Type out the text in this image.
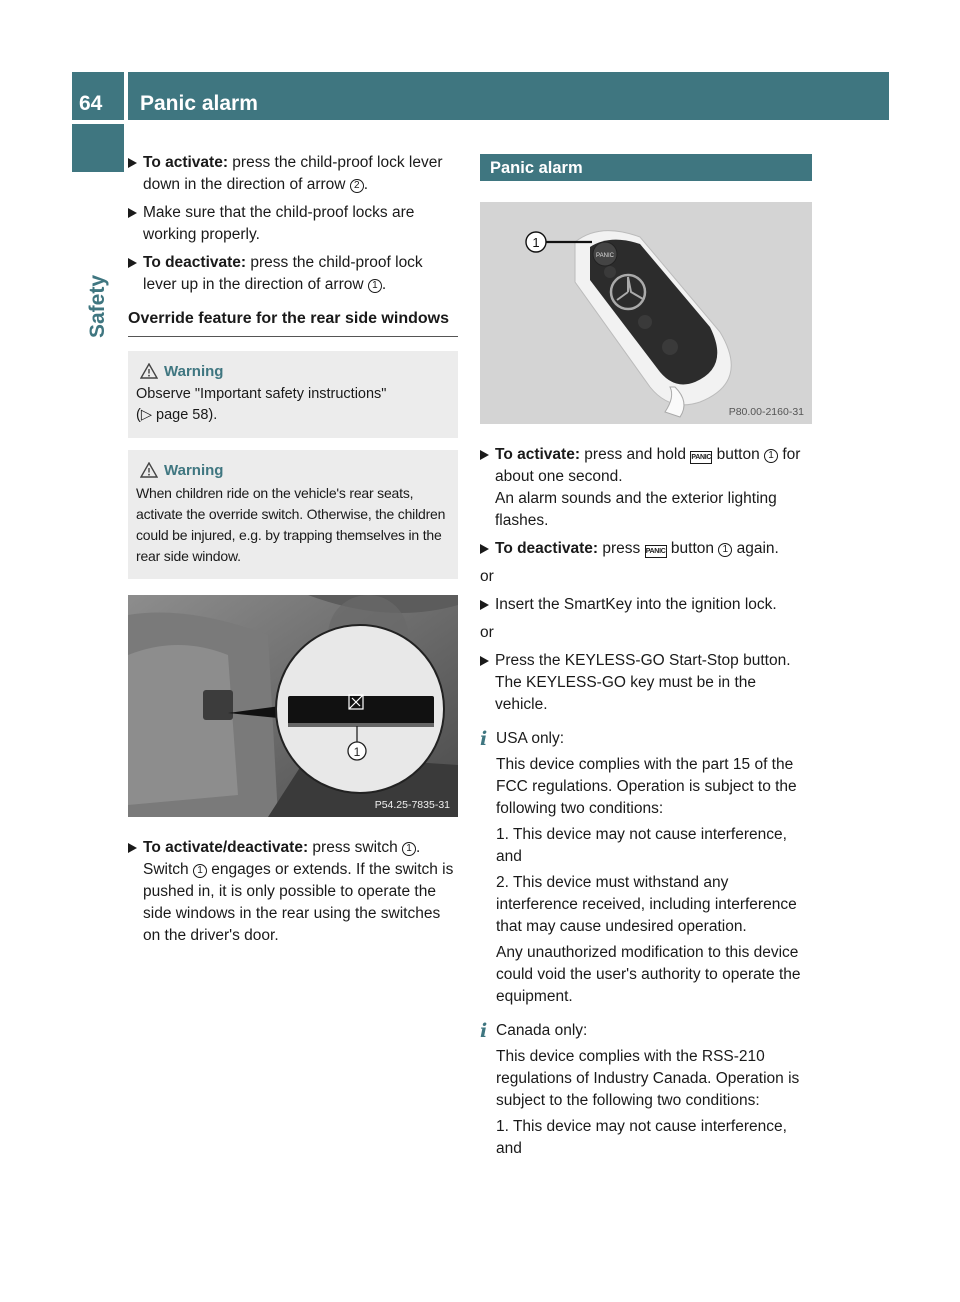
64	Panic alarm
Safety
To activate: press the child-proof lock lever down in the direction of arrow 2 .
Make sure that the child-proof locks are working properly.
To deactivate: press the child-proof lock lever up in the direction of arrow 1 .
Override feature for the rear side windows
Warning

Observe "Important safety instructions"

(▷ page 58).

Warning

When children ride on the vehicle's rear seats, activate the override switch. Otherwise, the children could be injured, e.g. by trapping themselves in the rear side window.

1
P54.25-7835-31
To activate/deactivate: press switch 1 . Switch 1 engages or extends. If the switch is pushed in, it is only possible to operate the side windows in the rear using the switches on the driver's door.
Panic alarm
PANIC
1
P80.00-2160-31

To activate: press and hold PANIC button 1 for about one second.

An alarm sounds and the exterior lighting flashes.

To deactivate: press PANIC button 1 again.
or
Insert the SmartKey into the ignition lock.
or

Press the KEYLESS-GO Start-Stop button.

The KEYLESS-GO key must be in the vehicle.

i USA only:

This device complies with the part 15 of the FCC regulations. Operation is subject to the following two conditions:

1. This device may not cause interference, and

2. This device must withstand any interference received, including interference that may cause undesired operation.

Any unauthorized modification to this device could void the user's authority to operate the equipment.

i Canada only:

This device complies with the RSS-210 regulations of Industry Canada. Operation is subject to the following two conditions:

1. This device may not cause interference, and
